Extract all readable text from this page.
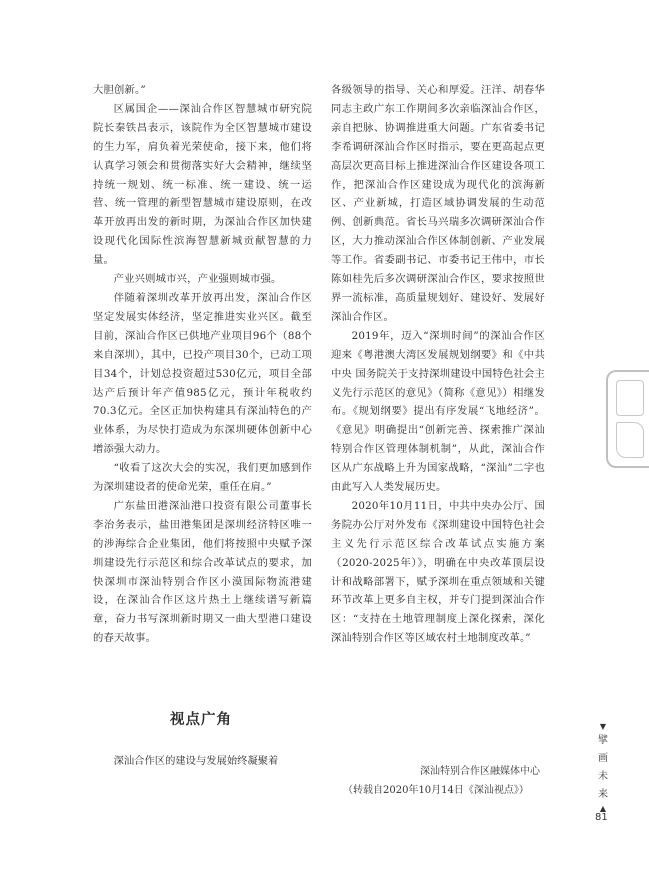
大胆创新。”

区属国企——深汕合作区智慧城市研究院院长秦铁昌表示，该院作为全区智慧城市建设的生力军，肩负着光荣使命，接下来，他们将认真学习领会和贯彻落实好大会精神，继续坚持统一规划、统一标准、统一建设、统一运营、统一管理的新型智慧城市建设原则，在改革开放再出发的新时期，为深汕合作区加快建设现代化国际性滨海智慧新城贡献智慧的力量。

产业兴则城市兴，产业强则城市强。

伴随着深圳改革开放再出发，深汕合作区坚定发展实体经济，坚定推进实业兴区。截至目前，深汕合作区已供地产业项目96个（88个来自深圳），其中，已投产项目30个，已动工项目34个，计划总投资超过530亿元，项目全部达产后预计年产值985亿元，预计年税收约70.3亿元。全区正加快构建具有深汕特色的产业体系，为尽快打造成为东深圳硬体创新中心增添强大动力。

“收看了这次大会的实况，我们更加感到作为深圳建设者的使命光荣，重任在肩。”

广东盐田港深汕港口投资有限公司董事长李治务表示，盐田港集团是深圳经济特区唯一的涉海综合企业集团，他们将按照中央赋予深圳建设先行示范区和综合改革试点的要求，加快深圳市深汕特别合作区小漠国际物流港建设，在深汕合作区这片热土上继续谱写新篇章，奋力书写深圳新时期又一曲大型港口建设的春天故事。

视点广角
深汕合作区的建设与发展始终凝聚着

各级领导的指导、关心和厚爱。汪洋、胡春华同志主政广东工作期间多次亲临深汕合作区，亲自把脉、协调推进重大问题。广东省委书记李希调研深汕合作区时指示，要在更高起点更高层次更高目标上推进深汕合作区建设各项工作，把深汕合作区建设成为现代化的滨海新区、产业新城，打造区域协调发展的生动范例、创新典范。省长马兴瑞多次调研深汕合作区，大力推动深汕合作区体制创新、产业发展等工作。省委副书记、市委书记王伟中，市长陈如桂先后多次调研深汕合作区，要求按照世界一流标准，高质量规划好、建设好、发展好深汕合作区。

2019年，迈入“深圳时间”的深汕合作区迎来《粤港澳大湾区发展规划纲要》和《中共中央 国务院关于支持深圳建设中国特色社会主义先行示范区的意见》（简称《意见》）相继发布。《规划纲要》提出有序发展“飞地经济”。《意见》明确提出“创新完善、探索推广深汕特别合作区管理体制机制”，从此，深汕合作区从广东战略上升为国家战略，“深汕”二字也由此写入人类发展历史。

2020年10月11日，中共中央办公厅、国务院办公厅对外发布《深圳建设中国特色社会主义先行示范区综合改革试点实施方案（2020-2025年）》，明确在中央改革顶层设计和战略部署下，赋予深圳在重点领域和关键环节改革上更多自主权，并专门提到深汕合作区：“支持在土地管理制度上深化探索，深化深汕特别合作区等区域农村土地制度改革。”

深汕特别合作区融媒体中心
（转载自2020年10月14日《深汕视点》）
▼
擘
画
未
来
▲
81
